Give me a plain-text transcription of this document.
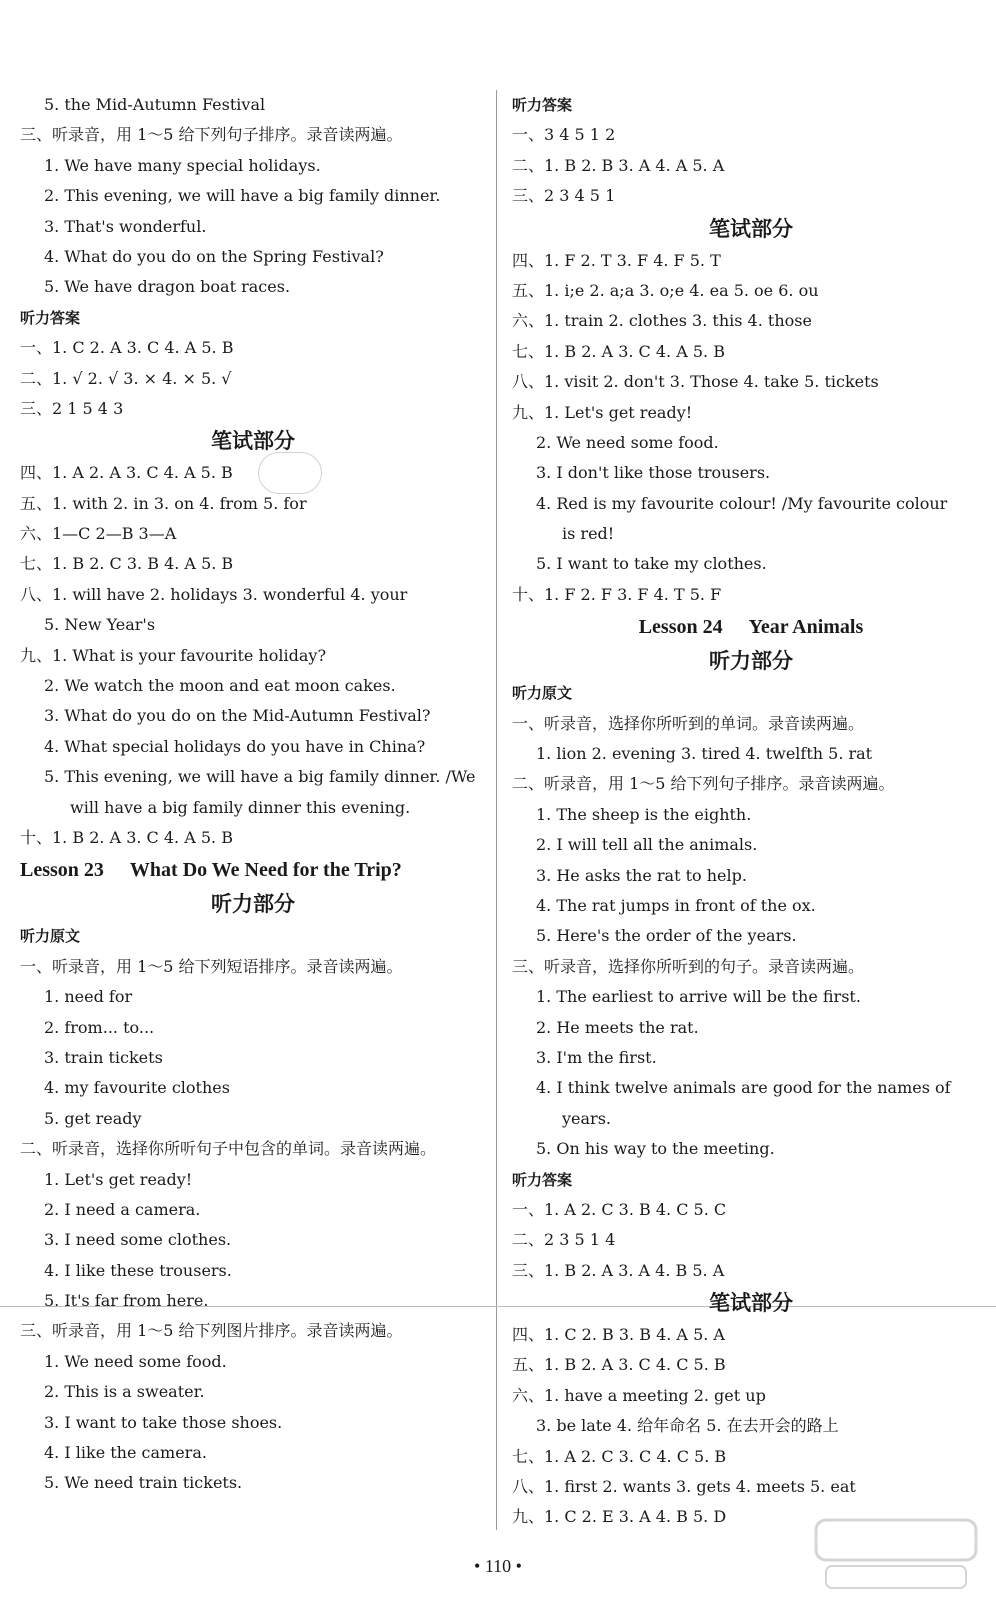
5. the Mid-Autumn Festival
三、听录音，用 1～5 给下列句子排序。录音读两遍。
1. We have many special holidays.
2. This evening, we will have a big family dinner.
3. That's wonderful.
4. What do you do on the Spring Festival?
5. We have dragon boat races.
听力答案
一、1. C 2. A 3. C 4. A 5. B
二、1. √ 2. √ 3. × 4. × 5. √
三、2 1 5 4 3
笔试部分
四、1. A 2. A 3. C 4. A 5. B
五、1. with 2. in 3. on 4. from 5. for
六、1—C 2—B 3—A
七、1. B 2. C 3. B 4. A 5. B
八、1. will have 2. holidays 3. wonderful 4. your
5. New Year's
九、1. What is your favourite holiday?
2. We watch the moon and eat moon cakes.
3. What do you do on the Mid-Autumn Festival?
4. What special holidays do you have in China?
5. This evening, we will have a big family dinner. /We
will have a big family dinner this evening.
十、1. B 2. A 3. C 4. A 5. B
Lesson 23 What Do We Need for the Trip?
听力部分
听力原文
一、听录音，用 1～5 给下列短语排序。录音读两遍。
1. need for
2. from... to...
3. train tickets
4. my favourite clothes
5. get ready
二、听录音，选择你所听句子中包含的单词。录音读两遍。
1. Let's get ready!
2. I need a camera.
3. I need some clothes.
4. I like these trousers.
5. It's far from here.
三、听录音，用 1～5 给下列图片排序。录音读两遍。
1. We need some food.
2. This is a sweater.
3. I want to take those shoes.
4. I like the camera.
5. We need train tickets.
听力答案
一、3 4 5 1 2
二、1. B 2. B 3. A 4. A 5. A
三、2 3 4 5 1
笔试部分
四、1. F 2. T 3. F 4. F 5. T
五、1. i;e 2. a;a 3. o;e 4. ea 5. oe 6. ou
六、1. train 2. clothes 3. this 4. those
七、1. B 2. A 3. C 4. A 5. B
八、1. visit 2. don't 3. Those 4. take 5. tickets
九、1. Let's get ready!
2. We need some food.
3. I don't like those trousers.
4. Red is my favourite colour! /My favourite colour
is red!
5. I want to take my clothes.
十、1. F 2. F 3. F 4. T 5. F
Lesson 24 Year Animals
听力部分
听力原文
一、听录音，选择你所听到的单词。录音读两遍。
1. lion 2. evening 3. tired 4. twelfth 5. rat
二、听录音，用 1～5 给下列句子排序。录音读两遍。
1. The sheep is the eighth.
2. I will tell all the animals.
3. He asks the rat to help.
4. The rat jumps in front of the ox.
5. Here's the order of the years.
三、听录音，选择你所听到的句子。录音读两遍。
1. The earliest to arrive will be the first.
2. He meets the rat.
3. I'm the first.
4. I think twelve animals are good for the names of
years.
5. On his way to the meeting.
听力答案
一、1. A 2. C 3. B 4. C 5. C
二、2 3 5 1 4
三、1. B 2. A 3. A 4. B 5. A
笔试部分
四、1. C 2. B 3. B 4. A 5. A
五、1. B 2. A 3. C 4. C 5. B
六、1. have a meeting 2. get up
3. be late 4. 给年命名 5. 在去开会的路上
七、1. A 2. C 3. C 4. C 5. B
八、1. first 2. wants 3. gets 4. meets 5. eat
九、1. C 2. E 3. A 4. B 5. D
• 110 •
